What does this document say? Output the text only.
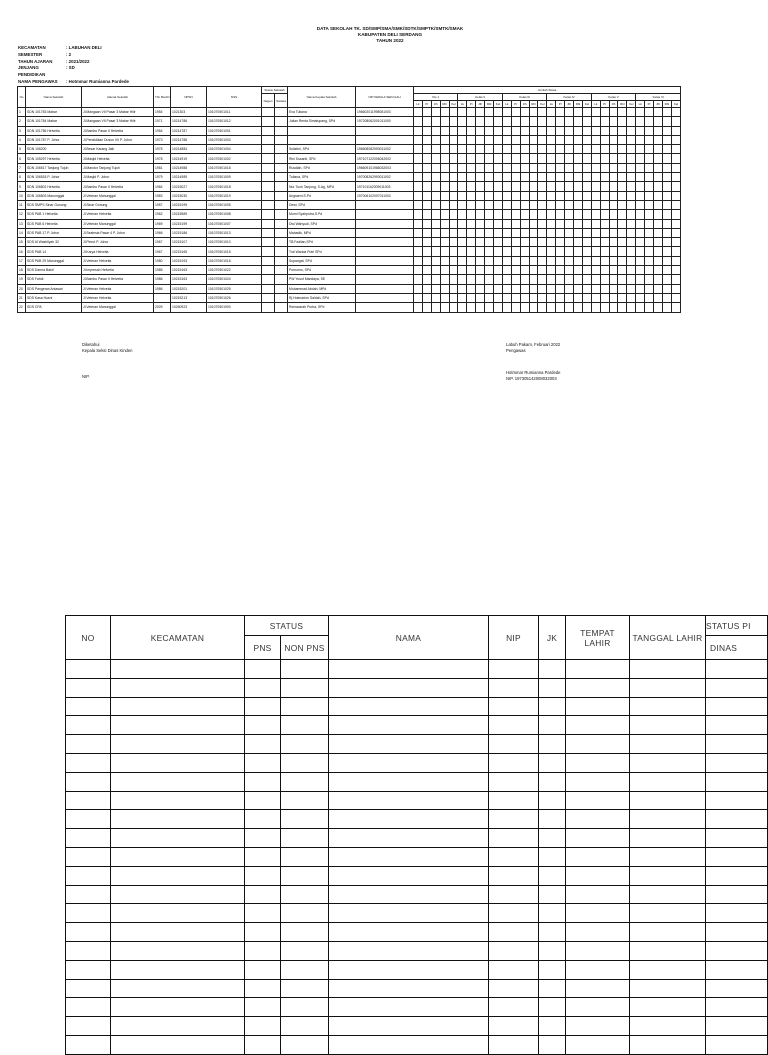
DATA SEKOLAH TK. SD/SMP/SMA/SMK/SDTK/SMPTK/SMTK/SMAK
KABUPATEN DELI SERDANG
TAHUN 2022
KECAMATAN	: LABUHAN DELI
SEMESTER	: 2
TAHUN AJARAN	: 2021/2022
JENJANG PENDIDIKAN
: SD
NAMA PENGAWAS	: Hotmmar Rumianna Pardede
No	Nama Sekolah	Alamat Sekolah	Thn Berdiri	NPSN	NSS	Status Sekolah		Nama Kepala Sekolah	NIP KEPALA SEKOLAH	Jumlah Siswa																													
						Negeri	Swasta			Kls 1					Kelas II					Kelas III					Kelas IV					Kelas V					Kelas VI				
										Lk	Pr	Jlh	Rbl	Kel	Lk	Pr	Jlh	Rbl	Kel	Lk	Pr	Jlh	Rbl	Kel	Lk	Pr	Jlh	Rbl	Kel	Lk	Pr	Jlh	Rbl	Kel	Lk	Pr	Jlh	Rbl	Kel
1	SDN 101783 Mabar	Jl.Mangaan VII Pasar 3 Mabar Hilir	1954	1021303	101070501011			Eva Tuliana	196602011998081003																														
2	SDN 101784 Mabar	Jl.Mangaan VII Pasar 3 Mabar Hilir	1971	10214786	101070501012			Julian Renta Simatupang, SPd	197208062001011000																														
3	SDN 101786 Helvetia	Jl.Bambu Pasar II Helvetia	1954	10214787	101070501001																																		
4	SDN 101787 P. Johor	Jl.Pendidikan Dusun VII P. Johor	1973	10214788	101070501003																																		
5	SDN 106200	Jl.Besar Karang Jaik	1975	10214884	101070501004			Sulistini, SPd	196608082993011002																														
6	SDN 105297 Helvetia	Jl.Masjid Helvetia	1978	10214919	101070501002			Rini Susanti, SPd	197107122006042002																														
7	SDN 106517 Tanjung Tujuh	Jl.Mandor Tanjung Tujuh	1981	10214988	101070501018			Rusdiah, SPd	196609101986032003																														
8	SDN 106518 P. Johor	Jl.Masjid P. Johor	1979	10214989	101070501009			Tuliana, SPd	197008262993011002																														
9	SDN 106802 Helvetia	Jl.Bambu Pasar II Helvetia	1984	10215027	101070501018			Nur Tuuh Tanjung, S.Ag, MPd	197101162009011003																														
10	SDN 106803 Manunggal	Jl.Veteran Manunggal	1983	10215030	101070501019			Angraeni.S.Pd	197006102007011003																														
11	SDS SMPS Sinar Gunung	Jl.Sinar Gunung	1957	10215199	101070501005			Dewi, SPd																															
12	SDS PAB 1 Helvetia	Jl.Veteran Helvetia	1962	10215589	101070501008			Murni Syahputra,S.Pd																															
13	SDS PAB 6 Helvetia	Jl.Veteran Manunggal	1969	10215199	101070501007			Dwi Wahyudi, SPd																															
14	SDS PAB 17 P. Johor	Jl.Sealesia Pasar 4 P. Johor	1966	10215186	101070501013			Mahadik, MPd																															
15	SDS Al Washliyah 32	Jl.Pinrut P. Johor	1967	10215107	101070501010			TB.Fadilan,SPd																															
16	SDS PAB 14	Jl.Karya Helvetia	1967	10215165	101070501015			Tub Wanda Putri SPd																															
17	SDS PAB 29 Manunggal	Jl.Veteran Helvetia	1980	10215193	101070501016			Supangat, SPd																															
18	SDS Darma Bakti	Jl.Impresah Helvetia	1985	10215163	101070501022			Purnomo, SPd																															
19	SDS Fahdi	Jl.Bambu Pasar II Helvetia	1986	10215163	101070501024			PW Yusuf Mandaya, SE																															
20	SDS Pangeran Antasari	Jl.Veteran Helvetia	1986	10215201	101070501025			Muhammad Abdah, MPd																															
21	SDS Kasa Husni	Jl.Veteran Helvetia		10215213	101070501026			Rj.Hotmarton Saldah, SPd																															
22	SDS CPA	Jl.Veteran Manunggal	2009	10260923	101070501900			Renswarah Purba, SPd																															
Diketahui
Kepala Seksi Dinas Kinden
NIP.
Labuh Pakam, Februari 2022
Pengawas
Hotmmar Rumianna Pardede
NIP. 197305142008032003
NO	KECAMATAN	STATUS		NAMA	NIP	JK	TEMPAT LAHIR	TANGGAL LAHIR	STATUS PI
		PNS	NON PNS						DINAS
